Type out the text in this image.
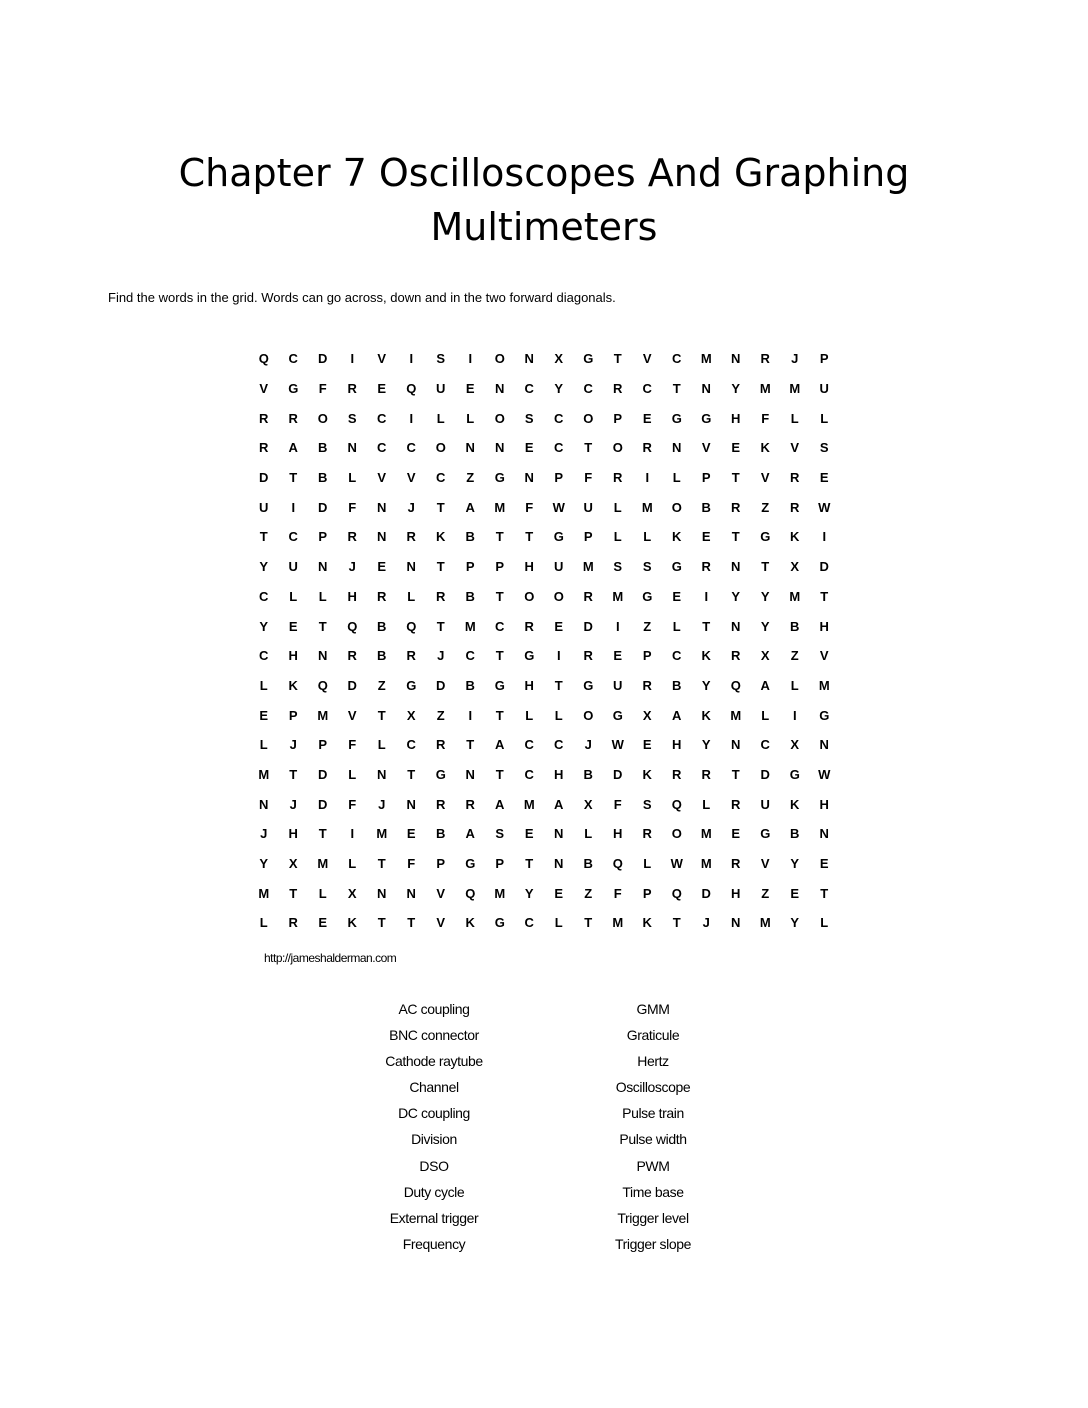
Chapter 7 Oscilloscopes And Graphing
Multimeters

Find the words in the grid. Words can go across, down and in the two forward diagonals.

Q	C	D	I	V	I	S	I	O	N	X	G	T	V	C	M	N	R	J	P
V	G	F	R	E	Q	U	E	N	C	Y	C	R	C	T	N	Y	M	M	U
R	R	O	S	C	I	L	L	O	S	C	O	P	E	G	G	H	F	L	L
R	A	B	N	C	C	O	N	N	E	C	T	O	R	N	V	E	K	V	S
D	T	B	L	V	V	C	Z	G	N	P	F	R	I	L	P	T	V	R	E
U	I	D	F	N	J	T	A	M	F	W	U	L	M	O	B	R	Z	R	W
T	C	P	R	N	R	K	B	T	T	G	P	L	L	K	E	T	G	K	I
Y	U	N	J	E	N	T	P	P	H	U	M	S	S	G	R	N	T	X	D
C	L	L	H	R	L	R	B	T	O	O	R	M	G	E	I	Y	Y	M	T
Y	E	T	Q	B	Q	T	M	C	R	E	D	I	Z	L	T	N	Y	B	H
C	H	N	R	B	R	J	C	T	G	I	R	E	P	C	K	R	X	Z	V
L	K	Q	D	Z	G	D	B	G	H	T	G	U	R	B	Y	Q	A	L	M
E	P	M	V	T	X	Z	I	T	L	L	O	G	X	A	K	M	L	I	G
L	J	P	F	L	C	R	T	A	C	C	J	W	E	H	Y	N	C	X	N
M	T	D	L	N	T	G	N	T	C	H	B	D	K	R	R	T	D	G	W
N	J	D	F	J	N	R	R	A	M	A	X	F	S	Q	L	R	U	K	H
J	H	T	I	M	E	B	A	S	E	N	L	H	R	O	M	E	G	B	N
Y	X	M	L	T	F	P	G	P	T	N	B	Q	L	W	M	R	V	Y	E
M	T	L	X	N	N	V	Q	M	Y	E	Z	F	P	Q	D	H	Z	E	T
L	R	E	K	T	T	V	K	G	C	L	T	M	K	T	J	N	M	Y	L

http://jameshalderman.com

AC coupling
BNC connector
Cathode raytube
Channel
DC coupling
Division
DSO
Duty cycle
External trigger
Frequency
GMM
Graticule
Hertz
Oscilloscope
Pulse train
Pulse width
PWM
Time base
Trigger level
Trigger slope
